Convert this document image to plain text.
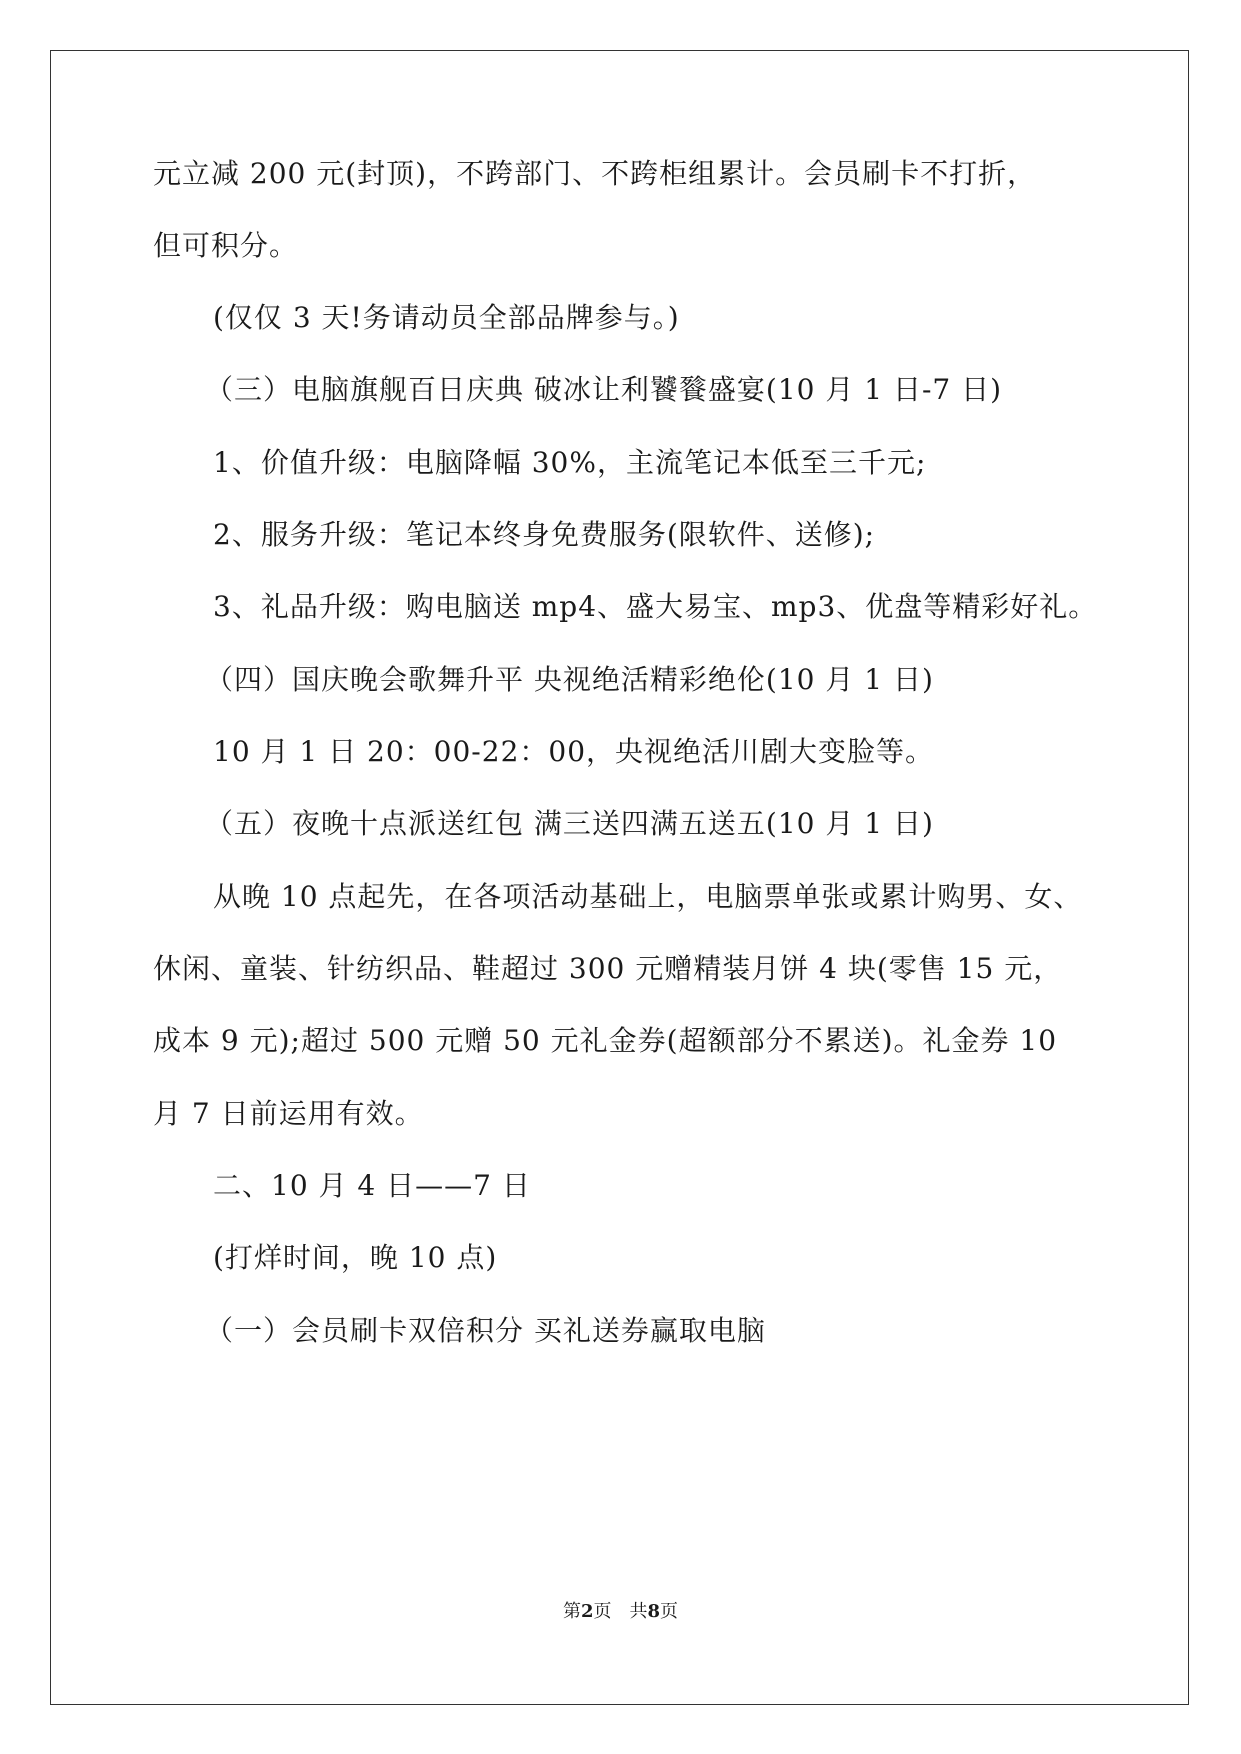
元立减 200 元(封顶)，不跨部门、不跨柜组累计。会员刷卡不打折，
但可积分。
(仅仅 3 天!务请动员全部品牌参与。)
（三）电脑旗舰百日庆典 破冰让利饕餮盛宴(10 月 1 日-7 日)
1、价值升级：电脑降幅 30%，主流笔记本低至三千元;
2、服务升级：笔记本终身免费服务(限软件、送修);
3、礼品升级：购电脑送 mp4、盛大易宝、mp3、优盘等精彩好礼。
（四）国庆晚会歌舞升平 央视绝活精彩绝伦(10 月 1 日)
10 月 1 日 20：00-22：00，央视绝活川剧大变脸等。
（五）夜晚十点派送红包 满三送四满五送五(10 月 1 日)
从晚 10 点起先，在各项活动基础上，电脑票单张或累计购男、女、
休闲、童装、针纺织品、鞋超过 300 元赠精装月饼 4 块(零售 15 元，
成本 9 元);超过 500 元赠 50 元礼金券(超额部分不累送)。礼金券 10
月 7 日前运用有效。
二、10 月 4 日——7 日
(打烊时间，晚 10 点)
（一）会员刷卡双倍积分 买礼送券赢取电脑
第2页　共8页
